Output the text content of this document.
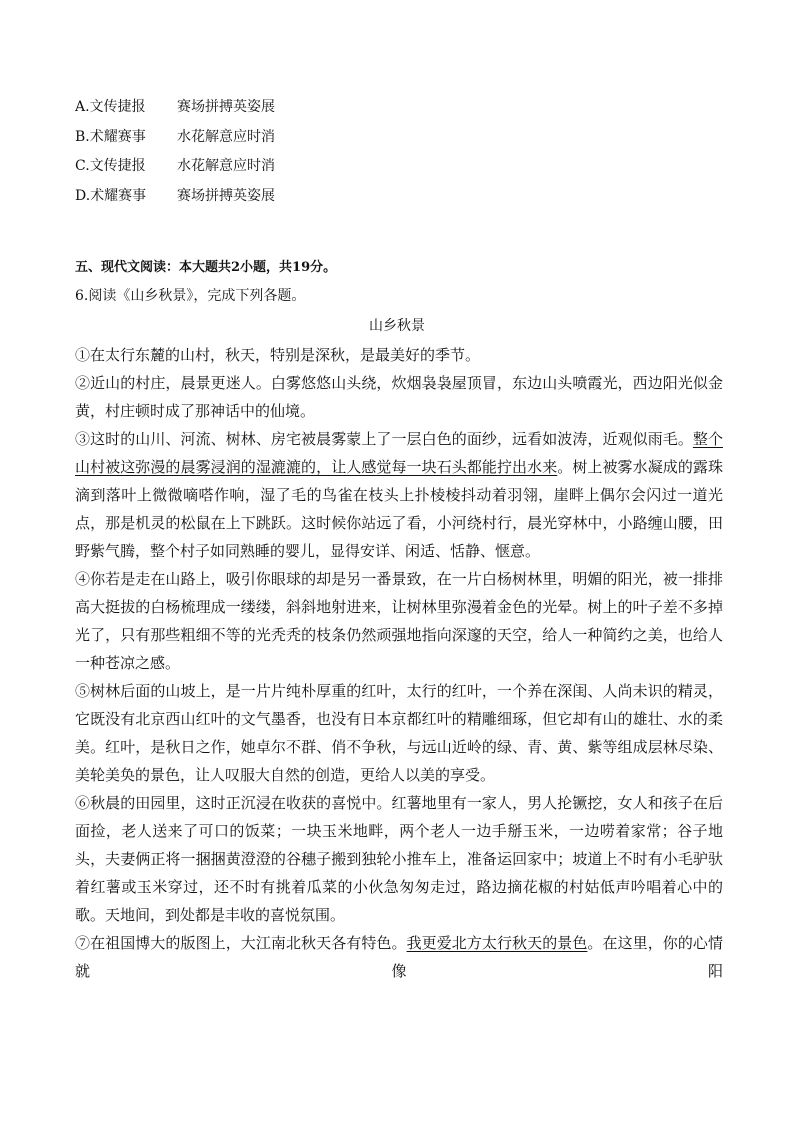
A.文传捷报 赛场拼搏英姿展
B.术耀赛事 水花解意应时消
C.文传捷报 水花解意应时消
D.术耀赛事 赛场拼搏英姿展
五、现代文阅读：本大题共2小题，共19分。
6.阅读《山乡秋景》，完成下列各题。
山乡秋景

①在太行东麓的山村，秋天，特别是深秋，是最美好的季节。

②近山的村庄，晨景更迷人。白雾悠悠山头绕，炊烟袅袅屋顶冒，东边山头喷霞光，西边阳光似金黄，村庄顿时成了那神话中的仙境。

③这时的山川、河流、树林、房宅被晨雾蒙上了一层白色的面纱，远看如波涛，近观似雨毛。整个山村被这弥漫的晨雾浸润的湿漉漉的，让人感觉每一块石头都能拧出水来。树上被雾水凝成的露珠滴到落叶上微微嘀嗒作响，湿了毛的鸟雀在枝头上扑棱棱抖动着羽翎，崖畔上偶尔会闪过一道光点，那是机灵的松鼠在上下跳跃。这时候你站远了看，小河绕村行，晨光穿林中，小路缠山腰，田野紫气腾，整个村子如同熟睡的婴儿，显得安详、闲适、恬静、惬意。

④你若是走在山路上，吸引你眼球的却是另一番景致，在一片白杨树林里，明媚的阳光，被一排排高大挺拔的白杨梳理成一缕缕，斜斜地射进来，让树林里弥漫着金色的光晕。树上的叶子差不多掉光了，只有那些粗细不等的光秃秃的枝条仍然顽强地指向深邃的天空，给人一种简约之美，也给人一种苍凉之感。

⑤树林后面的山坡上，是一片片纯朴厚重的红叶，太行的红叶，一个养在深闺、人尚未识的精灵，它既没有北京西山红叶的文气墨香，也没有日本京都红叶的精雕细琢，但它却有山的雄壮、水的柔美。红叶，是秋日之作，她卓尔不群、俏不争秋，与远山近岭的绿、青、黄、紫等组成层林尽染、美轮美奂的景色，让人叹服大自然的创造，更给人以美的享受。

⑥秋晨的田园里，这时正沉浸在收获的喜悦中。红薯地里有一家人，男人抡镢挖，女人和孩子在后面捡，老人送来了可口的饭菜；一块玉米地畔，两个老人一边手掰玉米，一边唠着家常；谷子地头，夫妻俩正将一捆捆黄澄澄的谷穗子搬到独轮小推车上，准备运回家中；坡道上不时有小毛驴驮着红薯或玉米穿过，还不时有挑着瓜菜的小伙急匆匆走过，路边摘花椒的村姑低声吟唱着心中的歌。天地间，到处都是丰收的喜悦氛围。

⑦在祖国博大的版图上，大江南北秋天各有特色。我更爱北方太行秋天的景色。在这里，你的心情就像阳
